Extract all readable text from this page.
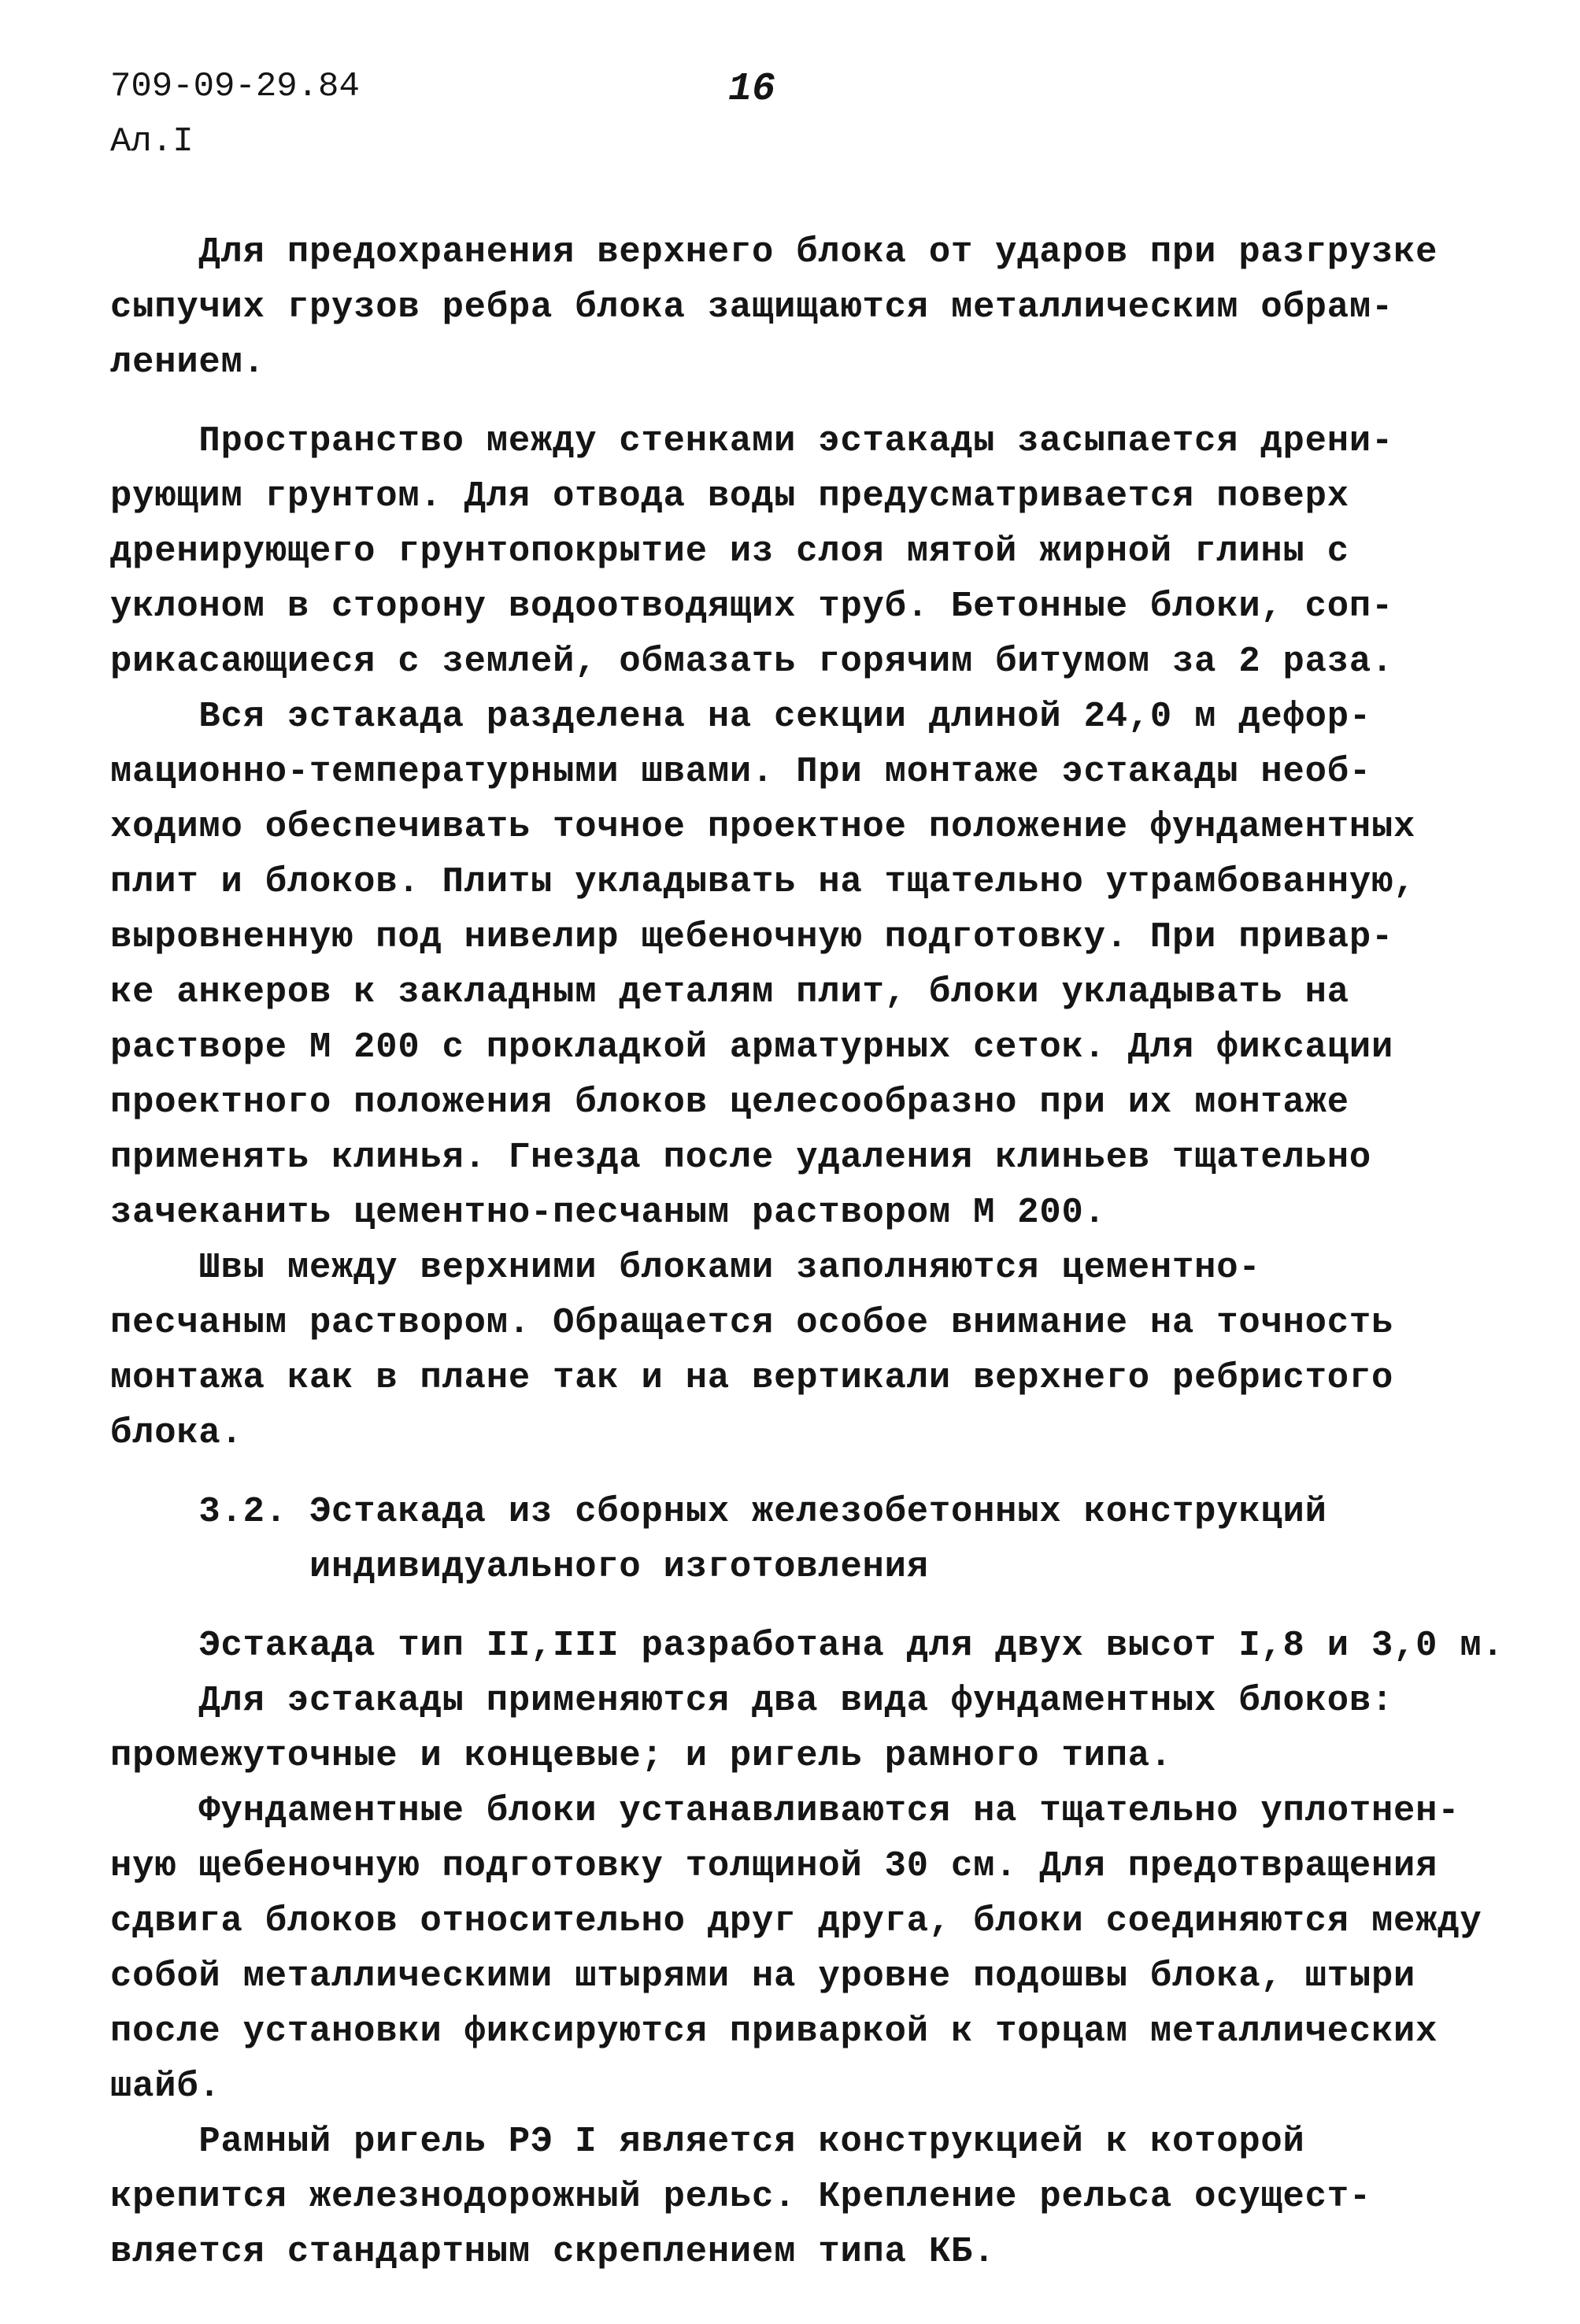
709-09-29.84
Ал.I
16
Для предохранения верхнего блока от ударов при разгрузке
сыпучих грузов ребра блока защищаются металлическим обрам-
лением.
Пространство между стенками эстакады засыпается дрени-
рующим грунтом. Для отвода воды предусматривается поверх
дренирующего грунтопокрытие из слоя мятой жирной глины с
уклоном в сторону водоотводящих труб. Бетонные блоки, соп-
рикасающиеся с землей, обмазать горячим битумом за 2 раза.
Вся эстакада разделена на секции длиной 24,0 м дефор-
мационно-температурными швами. При монтаже эстакады необ-
ходимо обеспечивать точное проектное положение фундаментных
плит и блоков. Плиты укладывать на тщательно утрамбованную,
выровненную под нивелир щебеночную подготовку. При привар-
ке анкеров к закладным деталям плит, блоки укладывать на
растворе М 200 с прокладкой арматурных сеток. Для фиксации
проектного положения блоков целесообразно при их монтаже
применять клинья. Гнезда после удаления клиньев тщательно
зачеканить цементно-песчаным раствором М 200.
Швы между верхними блоками заполняются цементно-
песчаным раствором. Обращается особое внимание на точность
монтажа как в плане так и на вертикали верхнего ребристого
блока.
3.2. Эстакада из сборных железобетонных конструкций
индивидуального изготовления
Эстакада тип II,III разработана для двух высот I,8 и 3,0 м.
Для эстакады применяются два вида фундаментных блоков:
промежуточные и концевые; и ригель рамного типа.
Фундаментные блоки устанавливаются на тщательно уплотнен-
ную щебеночную подготовку толщиной 30 см. Для предотвращения
сдвига блоков относительно друг друга, блоки соединяются между
собой металлическими штырями на уровне подошвы блока, штыри
после установки фиксируются приваркой к торцам металлических
шайб.
Рамный ригель РЭ I является конструкцией к которой
крепится железнодорожный рельс. Крепление рельса осущест-
вляется стандартным скреплением типа КБ.
